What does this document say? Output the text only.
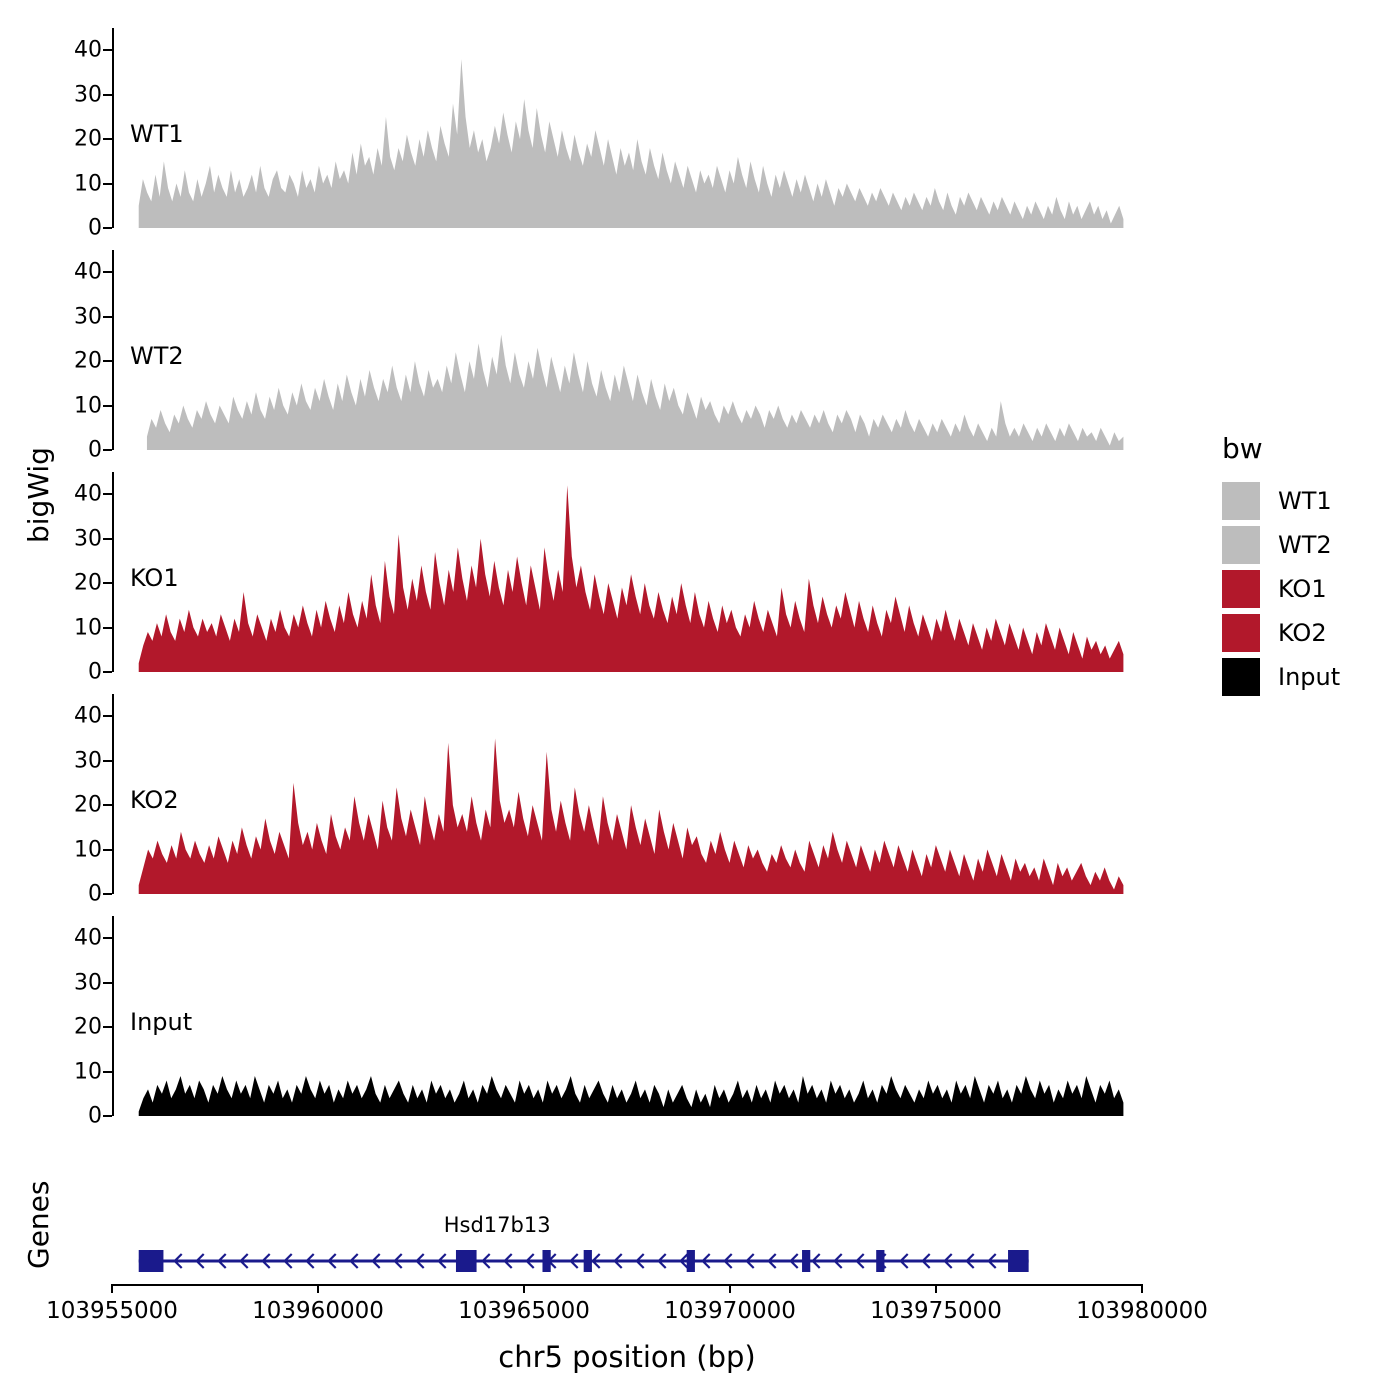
bigWig
Genes
0
10
20
30
40
WT1
0
10
20
30
40
WT2
0
10
20
30
40
KO1
0
10
20
30
40
KO2
0
10
20
30
40
Input
Hsd17b13
103955000	103960000	103965000	103970000	103975000	103980000
chr5 position (bp)
bw
WT1
WT2
KO1
KO2
Input
